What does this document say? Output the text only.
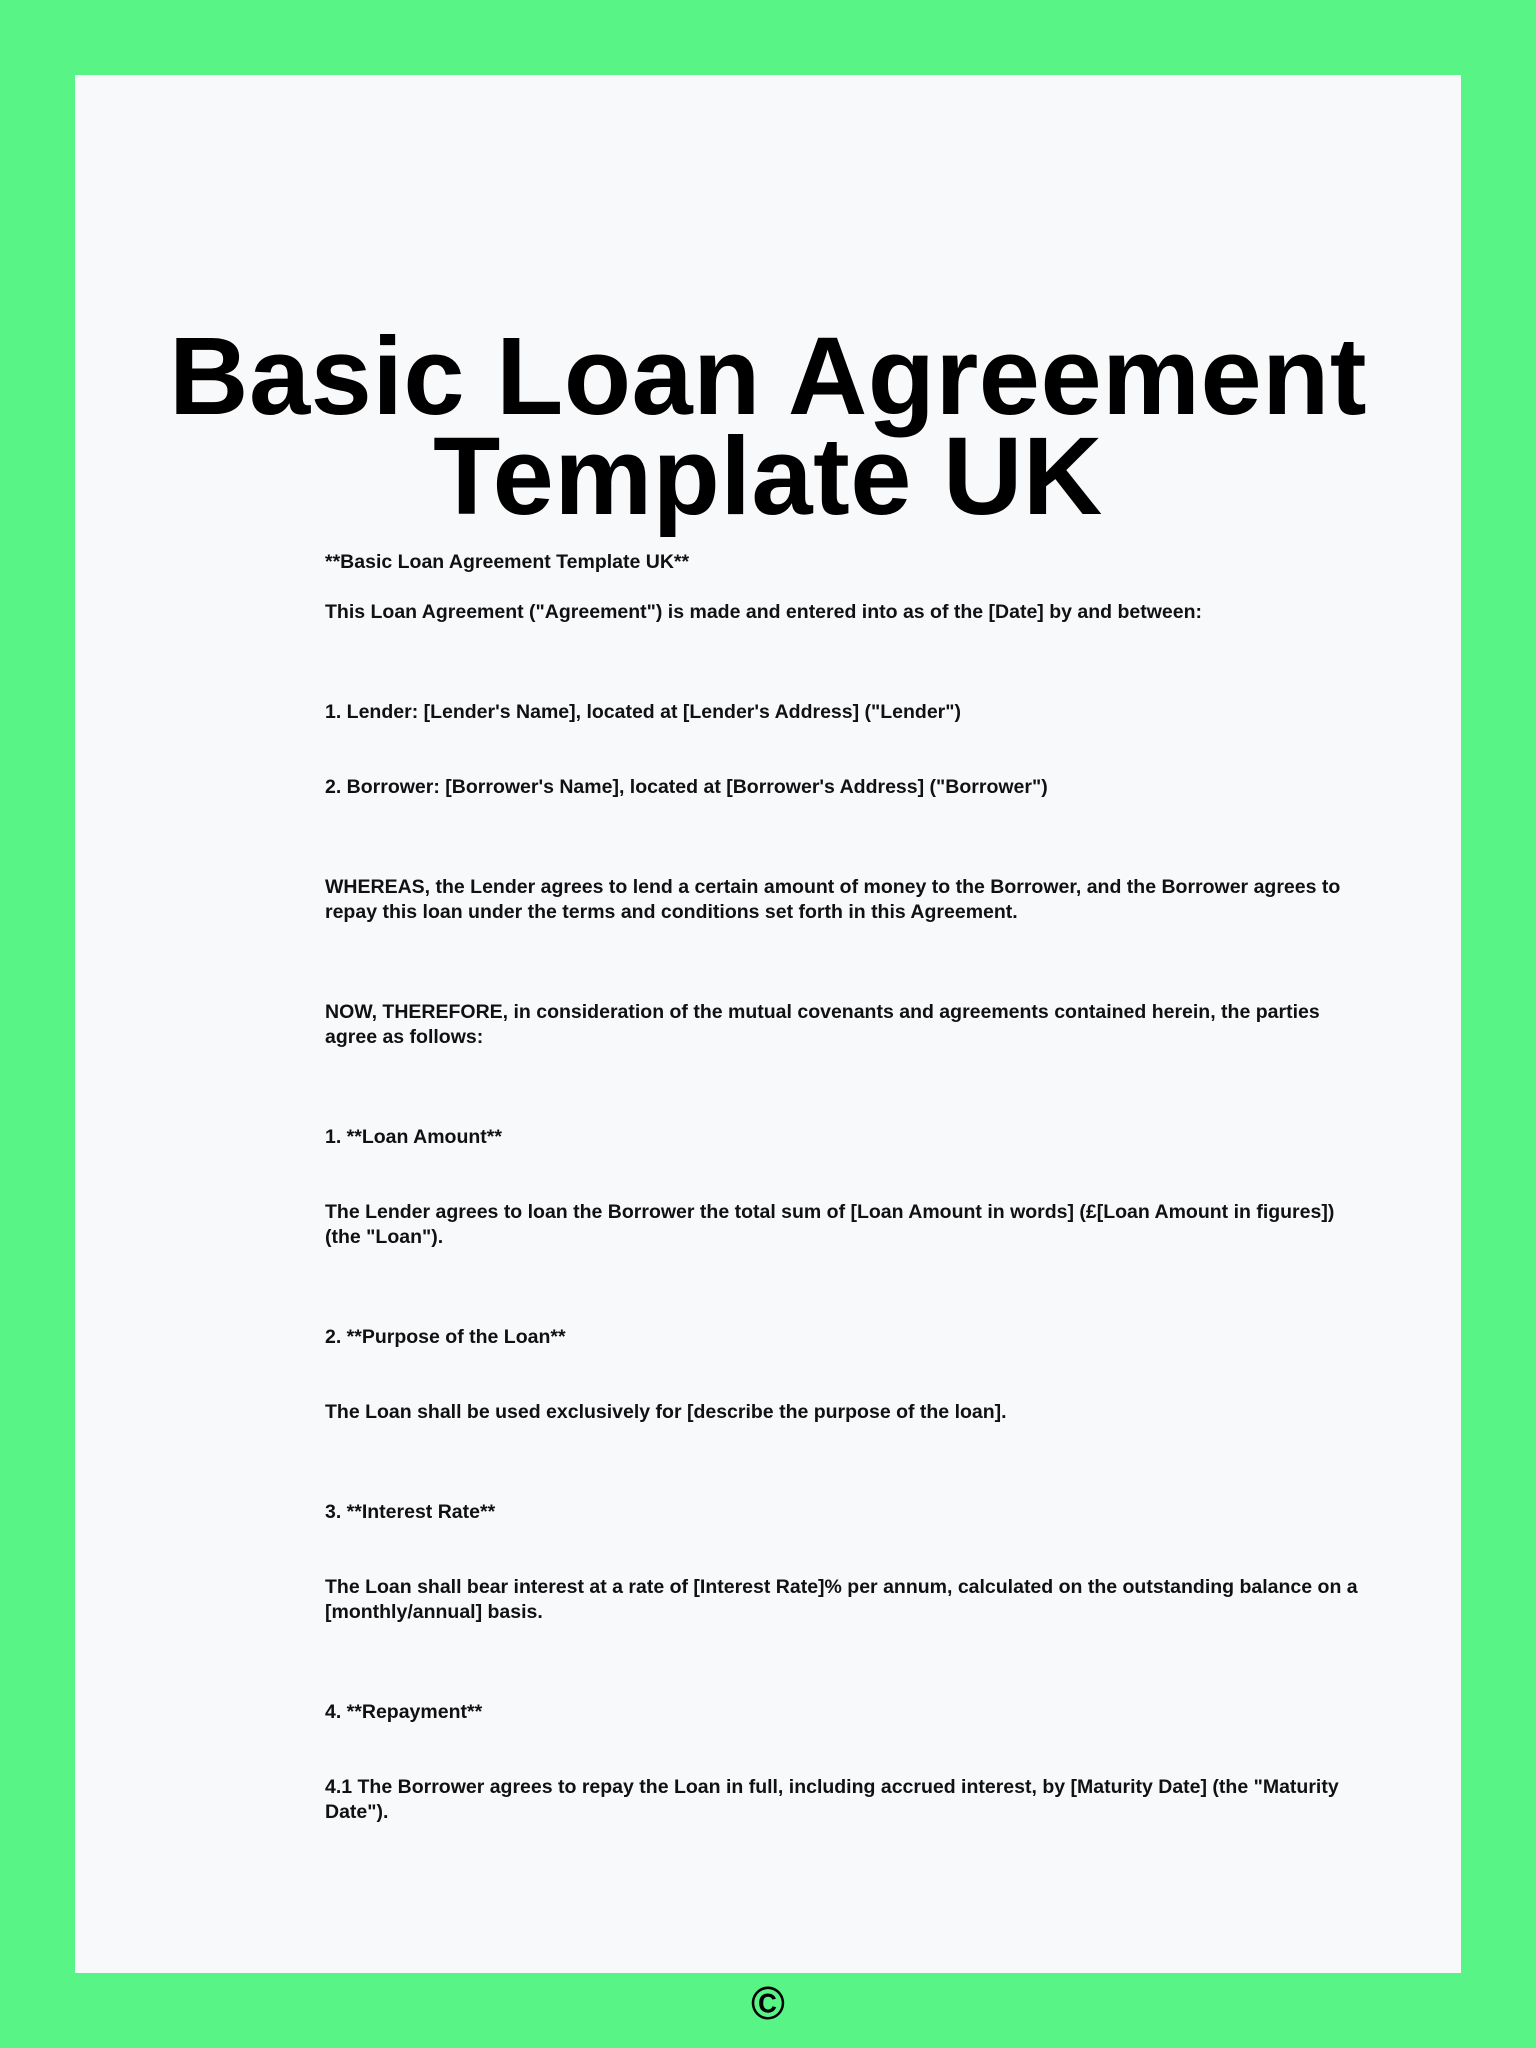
Basic Loan Agreement
Template UK

**Basic Loan Agreement Template UK**

This Loan Agreement ("Agreement") is made and entered into as of the [Date] by and between:

1. Lender: [Lender's Name], located at [Lender's Address] ("Lender")

2. Borrower: [Borrower's Name], located at [Borrower's Address] ("Borrower")

WHEREAS, the Lender agrees to lend a certain amount of money to the Borrower, and the Borrower agrees to repay this loan under the terms and conditions set forth in this Agreement.

NOW, THEREFORE, in consideration of the mutual covenants and agreements contained herein, the parties agree as follows:

1. **Loan Amount**

The Lender agrees to loan the Borrower the total sum of [Loan Amount in words] (£[Loan Amount in figures]) (the "Loan").

2. **Purpose of the Loan**

The Loan shall be used exclusively for [describe the purpose of the loan].

3. **Interest Rate**

The Loan shall bear interest at a rate of [Interest Rate]% per annum, calculated on the outstanding balance on a [monthly/annual] basis.

4. **Repayment**

4.1 The Borrower agrees to repay the Loan in full, including accrued interest, by [Maturity Date] (the "Maturity Date").

©
